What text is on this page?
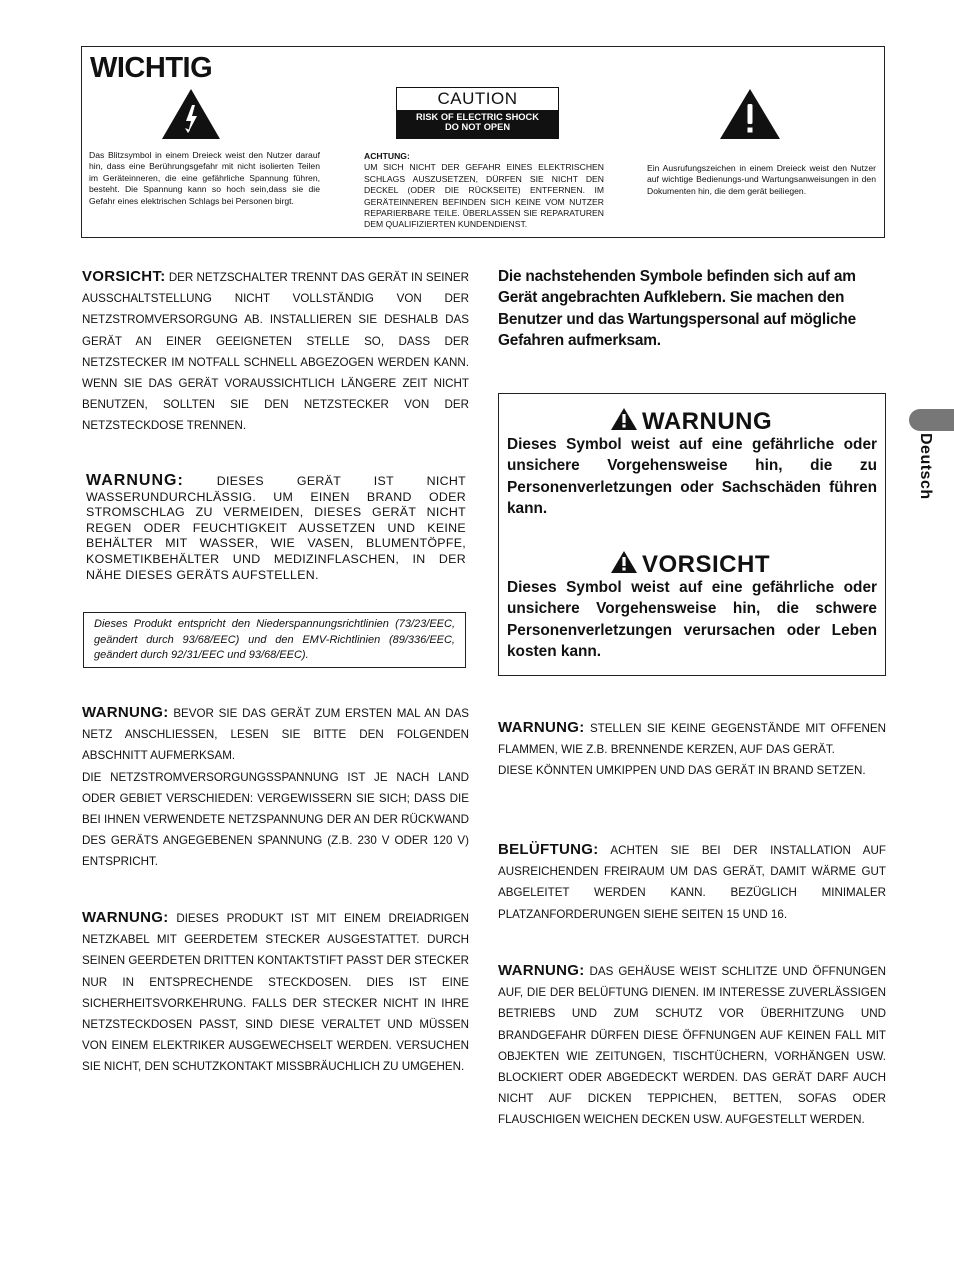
WICHTIG
CAUTION
RISK OF ELECTRIC SHOCK
DO NOT OPEN
Das Blitzsymbol in einem Dreieck weist den Nutzer darauf hin, dass eine Berührungsgefahr mit nicht isolierten Teilen im Geräteinneren, die eine gefährliche Spannung führen, besteht. Die Spannung kann so hoch sein,dass sie die Gefahr eines elektrischen Schlags bei Personen birgt.
ACHTUNG:
UM SICH NICHT DER GEFAHR EINES ELEKTRISCHEN SCHLAGS AUSZUSETZEN, DÜRFEN SIE NICHT DEN DECKEL (ODER DIE RÜCKSEITE) ENTFERNEN. IM GERÄTEINNEREN BEFINDEN SICH KEINE VOM NUTZER REPARIERBARE TEILE. ÜBERLASSEN SIE REPARATUREN DEM QUALIFIZIERTEN KUNDENDIENST.
Ein Ausrufungszeichen in einem Dreieck weist den Nutzer auf wichtige Bedienungs-und Wartungsanweisungen in den Dokumenten hin, die dem gerät beiliegen.
VORSICHT: DER NETZSCHALTER TRENNT DAS GERÄT IN SEINER AUSSCHALTSTELLUNG NICHT VOLLSTÄNDIG VON DER NETZSTROMVERSORGUNG AB. INSTALLIEREN SIE DESHALB DAS GERÄT AN EINER GEEIGNETEN STELLE SO, DASS DER NETZSTECKER IM NOTFALL SCHNELL ABGEZOGEN WERDEN KANN. WENN SIE DAS GERÄT VORAUSSICHTLICH LÄNGERE ZEIT NICHT BENUTZEN, SOLLTEN SIE DEN NETZSTECKER VON DER NETZSTECKDOSE TRENNEN.
WARNUNG:	DIESES GERÄT IST NICHT WASSERUNDURCHLÄSSIG. UM EINEN BRAND ODER STROMSCHLAG ZU VERMEIDEN, DIESES GERÄT NICHT REGEN ODER FEUCHTIGKEIT AUSSETZEN UND KEINE BEHÄLTER MIT WASSER, WIE VASEN, BLUMENTÖPFE, KOSMETIKBEHÄLTER UND MEDIZINFLASCHEN, IN DER NÄHE DIESES GERÄTS AUFSTELLEN.
Dieses Produkt entspricht den Niederspannungsrichtlinien (73/23/EEC, geändert durch 93/68/EEC) und den EMV-Richtlinien (89/336/EEC, geändert durch 92/31/EEC und 93/68/EEC).
WARNUNG: BEVOR SIE DAS GERÄT ZUM ERSTEN MAL AN DAS NETZ ANSCHLIESSEN, LESEN SIE BITTE DEN FOLGENDEN ABSCHNITT AUFMERKSAM.
DIE NETZSTROMVERSORGUNGSSPANNUNG IST JE NACH LAND ODER GEBIET VERSCHIEDEN: VERGEWISSERN SIE SICH; DASS DIE BEI IHNEN VERWENDETE NETZSPANNUNG DER AN DER RÜCKWAND DES GERÄTS ANGEGEBENEN SPANNUNG (Z.B. 230 V ODER 120 V) ENTSPRICHT.
WARNUNG: DIESES PRODUKT IST MIT EINEM DREIADRIGEN NETZKABEL MIT GEERDETEM STECKER AUSGESTATTET. DURCH SEINEN GEERDETEN DRITTEN KONTAKTSTIFT PASST DER STECKER NUR IN ENTSPRECHENDE STECKDOSEN. DIES IST EINE SICHERHEITSVORKEHRUNG. FALLS DER STECKER NICHT IN IHRE NETZSTECKDOSEN PASST, SIND DIESE VERALTET UND MÜSSEN VON EINEM ELEKTRIKER AUSGEWECHSELT WERDEN. VERSUCHEN SIE NICHT, DEN SCHUTZKONTAKT MISSBRÄUCHLICH ZU UMGEHEN.
Die nachstehenden Symbole befinden sich auf am Gerät angebrachten Aufklebern. Sie machen den Benutzer und das Wartungspersonal auf mögliche Gefahren aufmerksam.
WARNUNG
Dieses Symbol weist auf eine gefährliche oder unsichere Vorgehensweise hin, die zu Personenverletzungen oder Sachschäden führen kann.
VORSICHT
Dieses Symbol weist auf eine gefährliche oder unsichere Vorgehensweise hin, die schwere Personenverletzungen verursachen oder Leben kosten kann.
WARNUNG: STELLEN SIE KEINE GEGENSTÄNDE MIT OFFENEN FLAMMEN, WIE Z.B. BRENNENDE KERZEN, AUF DAS GERÄT.
DIESE KÖNNTEN UMKIPPEN UND DAS GERÄT IN BRAND SETZEN.
BELÜFTUNG: ACHTEN SIE BEI DER INSTALLATION AUF AUSREICHENDEN FREIRAUM UM DAS GERÄT, DAMIT WÄRME GUT ABGELEITET WERDEN KANN. BEZÜGLICH MINIMALER PLATZANFORDERUNGEN SIEHE SEITEN 15 UND 16.
WARNUNG: DAS GEHÄUSE WEIST SCHLITZE UND ÖFFNUNGEN AUF, DIE DER BELÜFTUNG DIENEN. IM INTERESSE ZUVERLÄSSIGEN BETRIEBS UND ZUM SCHUTZ VOR ÜBERHITZUNG UND BRANDGEFAHR DÜRFEN DIESE ÖFFNUNGEN AUF KEINEN FALL MIT OBJEKTEN WIE ZEITUNGEN, TISCHTÜCHERN, VORHÄNGEN USW. BLOCKIERT ODER ABGEDECKT WERDEN. DAS GERÄT DARF AUCH NICHT AUF DICKEN TEPPICHEN, BETTEN, SOFAS ODER FLAUSCHIGEN WEICHEN DECKEN USW. AUFGESTELLT WERDEN.
Deutsch
